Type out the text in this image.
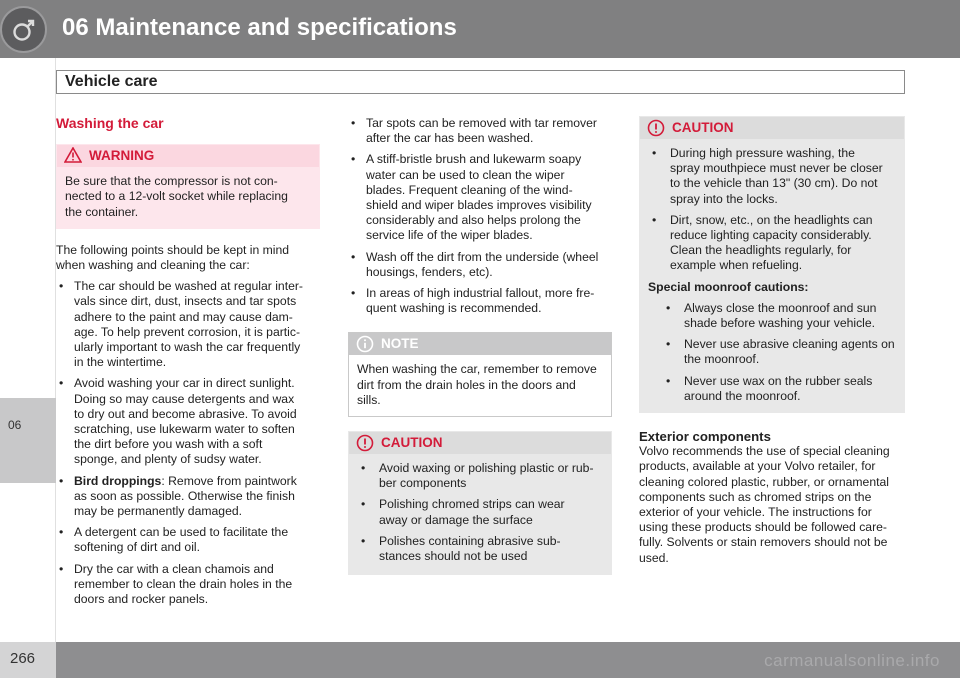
06 Maintenance and specifications
Vehicle care
06
Washing the car
WARNING

Be sure that the compressor is not con-

nected to a 12-volt socket while replacing

the container.

The following points should be kept in mind

when washing and cleaning the car:

• The car should be washed at regular inter-

vals since dirt, dust, insects and tar spots

adhere to the paint and may cause dam-

age. To help prevent corrosion, it is partic-

ularly important to wash the car frequently

in the wintertime.

• Avoid washing your car in direct sunlight.

Doing so may cause detergents and wax

to dry out and become abrasive. To avoid

scratching, use lukewarm water to soften

the dirt before you wash with a soft

sponge, and plenty of sudsy water.

• Bird droppings: Remove from paintwork

as soon as possible. Otherwise the finish

may be permanently damaged.

• A detergent can be used to facilitate the

softening of dirt and oil.

• Dry the car with a clean chamois and

remember to clean the drain holes in the

doors and rocker panels.

• Tar spots can be removed with tar remover

after the car has been washed.

• A stiff-bristle brush and lukewarm soapy

water can be used to clean the wiper

blades. Frequent cleaning of the wind-

shield and wiper blades improves visibility

considerably and also helps prolong the

service life of the wiper blades.

• Wash off the dirt from the underside (wheel

housings, fenders, etc).

• In areas of high industrial fallout, more fre-

quent washing is recommended.

NOTE

When washing the car, remember to remove

dirt from the drain holes in the doors and

sills.

CAUTION

• Avoid waxing or polishing plastic or rub-

ber components

• Polishing chromed strips can wear

away or damage the surface

• Polishes containing abrasive sub-

stances should not be used

CAUTION

• During high pressure washing, the

spray mouthpiece must never be closer

to the vehicle than 13" (30 cm). Do not

spray into the locks.

• Dirt, snow, etc., on the headlights can

reduce lighting capacity considerably.

Clean the headlights regularly, for

example when refueling.

Special moonroof cautions:

• Always close the moonroof and sun

shade before washing your vehicle.

• Never use abrasive cleaning agents on

the moonroof.

• Never use wax on the rubber seals

around the moonroof.

Exterior components

Volvo recommends the use of special cleaning

products, available at your Volvo retailer, for

cleaning colored plastic, rubber, or ornamental

components such as chromed strips on the

exterior of your vehicle. The instructions for

using these products should be followed care-

fully. Solvents or stain removers should not be

used.

266	carmanualsonline.info
